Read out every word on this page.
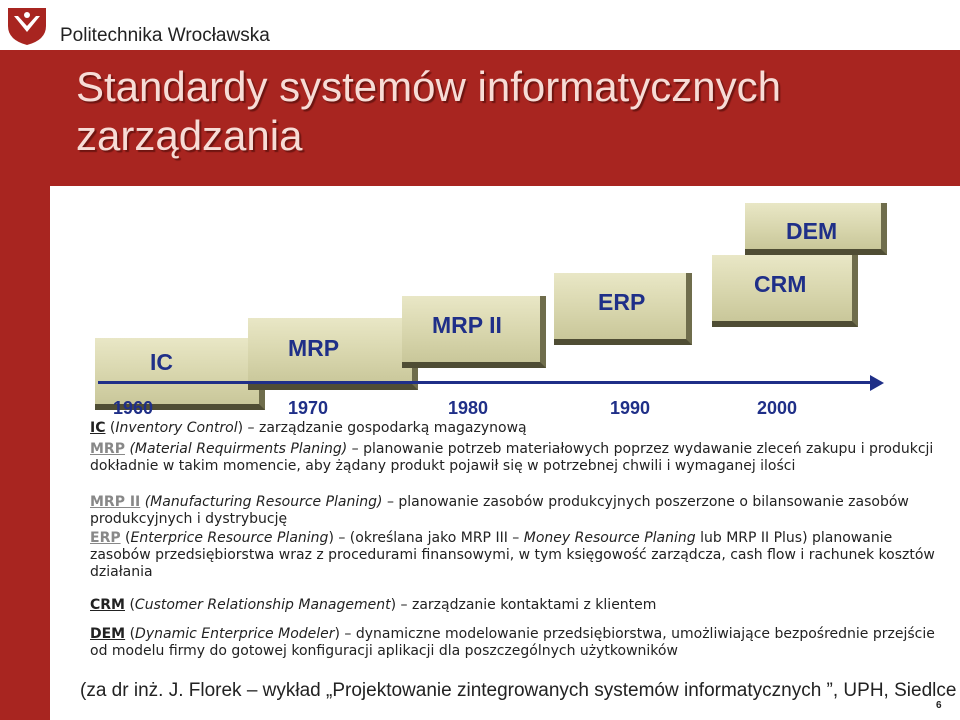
Politechnika Wrocławska
Standardy systemów informatycznych zarządzania
IC
MRP
MRP II
ERP
CRM
DEM
1960	1970	1980	1990	2000
IC (Inventory Control) – zarządzanie gospodarką magazynową
MRP (Material Requirments Planing) – planowanie potrzeb materiałowych poprzez wydawanie zleceń zakupu i produkcji dokładnie w takim momencie, aby żądany produkt pojawił się w potrzebnej chwili i wymaganej ilości
MRP II (Manufacturing Resource Planing) – planowanie zasobów produkcyjnych poszerzone o bilansowanie zasobów produkcyjnych i dystrybucję
ERP (Enterprice Resource Planing) – (określana jako MRP III – Money Resource Planing lub MRP II Plus) planowanie zasobów przedsiębiorstwa wraz z procedurami finansowymi, w tym księgowość zarządcza, cash flow i rachunek kosztów działania
CRM (Customer Relationship Management) – zarządzanie kontaktami z klientem
DEM (Dynamic Enterprice Modeler) – dynamiczne modelowanie przedsiębiorstwa, umożliwiające bezpośrednie przejście od modelu firmy do gotowej konfiguracji aplikacji dla poszczególnych użytkowników
(za dr inż. J. Florek – wykład „Projektowanie zintegrowanych systemów informatycznych ”, UPH, Siedlce
6
